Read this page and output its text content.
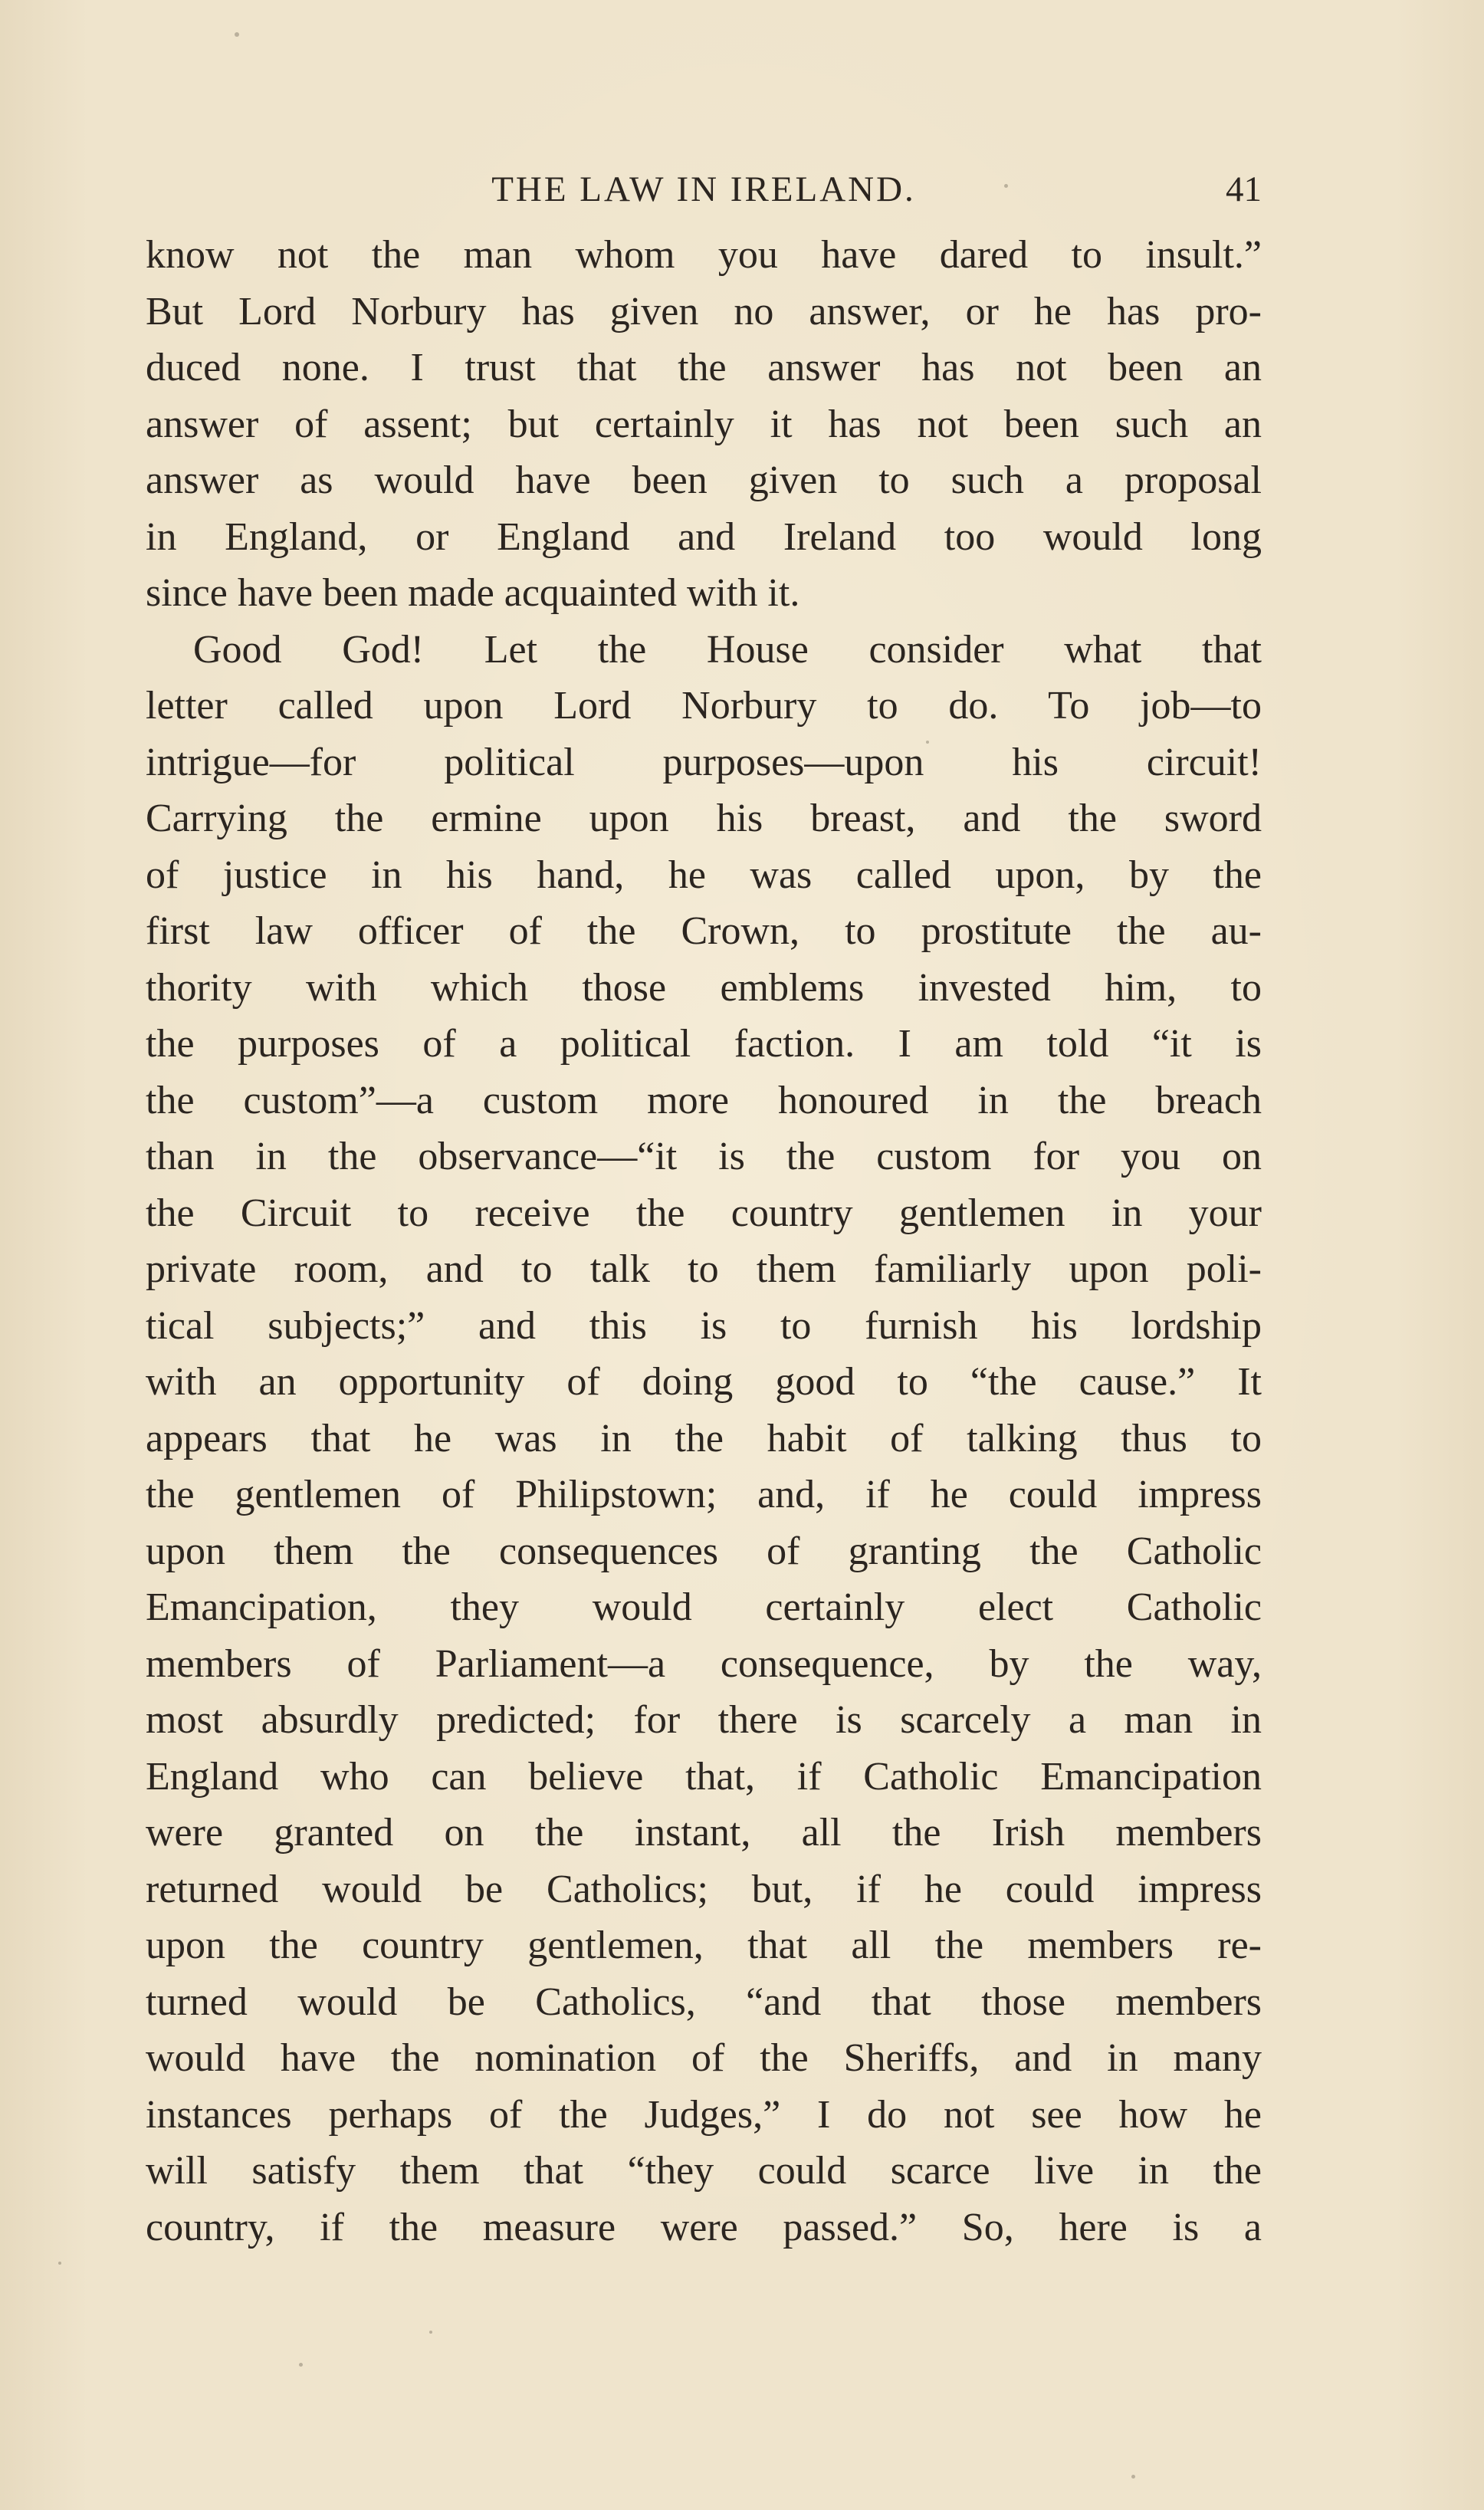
THE LAW IN IRELAND.	41
know not the man whom you have dared to insult.”
But Lord Norbury has given no answer, or he has pro-
duced none. I trust that the answer has not been an
answer of assent; but certainly it has not been such an
answer as would have been given to such a proposal
in England, or England and Ireland too would long
since have been made acquainted with it.
Good God! Let the House consider what that
letter called upon Lord Norbury to do. To job—to
intrigue—for political purposes—upon his circuit!
Carrying the ermine upon his breast, and the sword
of justice in his hand, he was called upon, by the
first law officer of the Crown, to prostitute the au-
thority with which those emblems invested him, to
the purposes of a political faction. I am told “it is
the custom”—a custom more honoured in the breach
than in the observance—“it is the custom for you on
the Circuit to receive the country gentlemen in your
private room, and to talk to them familiarly upon poli-
tical subjects;” and this is to furnish his lordship
with an opportunity of doing good to “the cause.” It
appears that he was in the habit of talking thus to
the gentlemen of Philipstown; and, if he could impress
upon them the consequences of granting the Catholic
Emancipation, they would certainly elect Catholic
members of Parliament—a consequence, by the way,
most absurdly predicted; for there is scarcely a man in
England who can believe that, if Catholic Emancipation
were granted on the instant, all the Irish members
returned would be Catholics; but, if he could impress
upon the country gentlemen, that all the members re-
turned would be Catholics, “and that those members
would have the nomination of the Sheriffs, and in many
instances perhaps of the Judges,” I do not see how he
will satisfy them that “they could scarce live in the
country, if the measure were passed.” So, here is a
